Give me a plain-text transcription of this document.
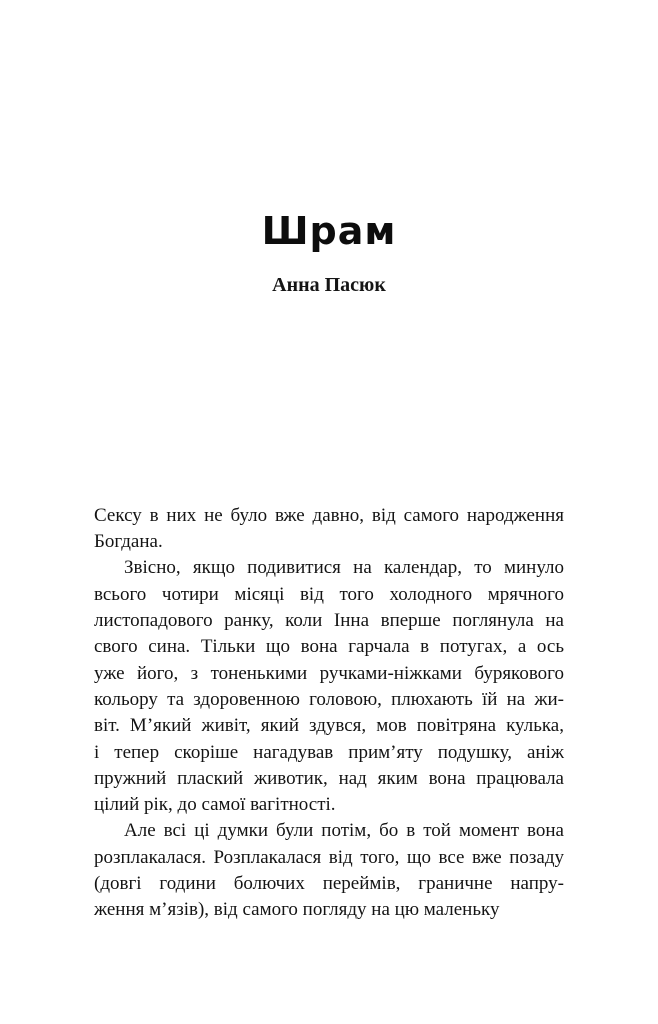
Шрам
Анна Пасюк
Сексу в них не було вже давно, від самого народження
Богдана.
Звісно, якщо подивитися на календар, то минуло
всього чотири місяці від того холодного мрячного
листопадового ранку, коли Інна вперше поглянула на
свого сина. Тільки що вона гарчала в потугах, а ось
уже його, з тоненькими ручками-ніжками бурякового
кольору та здоровенною головою, плюхають їй на жи-
віт. М’який живіт, який здувся, мов повітряна кулька,
і тепер скоріше нагадував прим’яту подушку, аніж
пружний плаский животик, над яким вона працювала
цілий рік, до самої вагітності.
Але всі ці думки були потім, бо в той момент вона
розплакалася. Розплакалася від того, що все вже позаду
(довгі години болючих переймів, граничне напру-
ження м’язів), від самого погляду на цю маленьку
